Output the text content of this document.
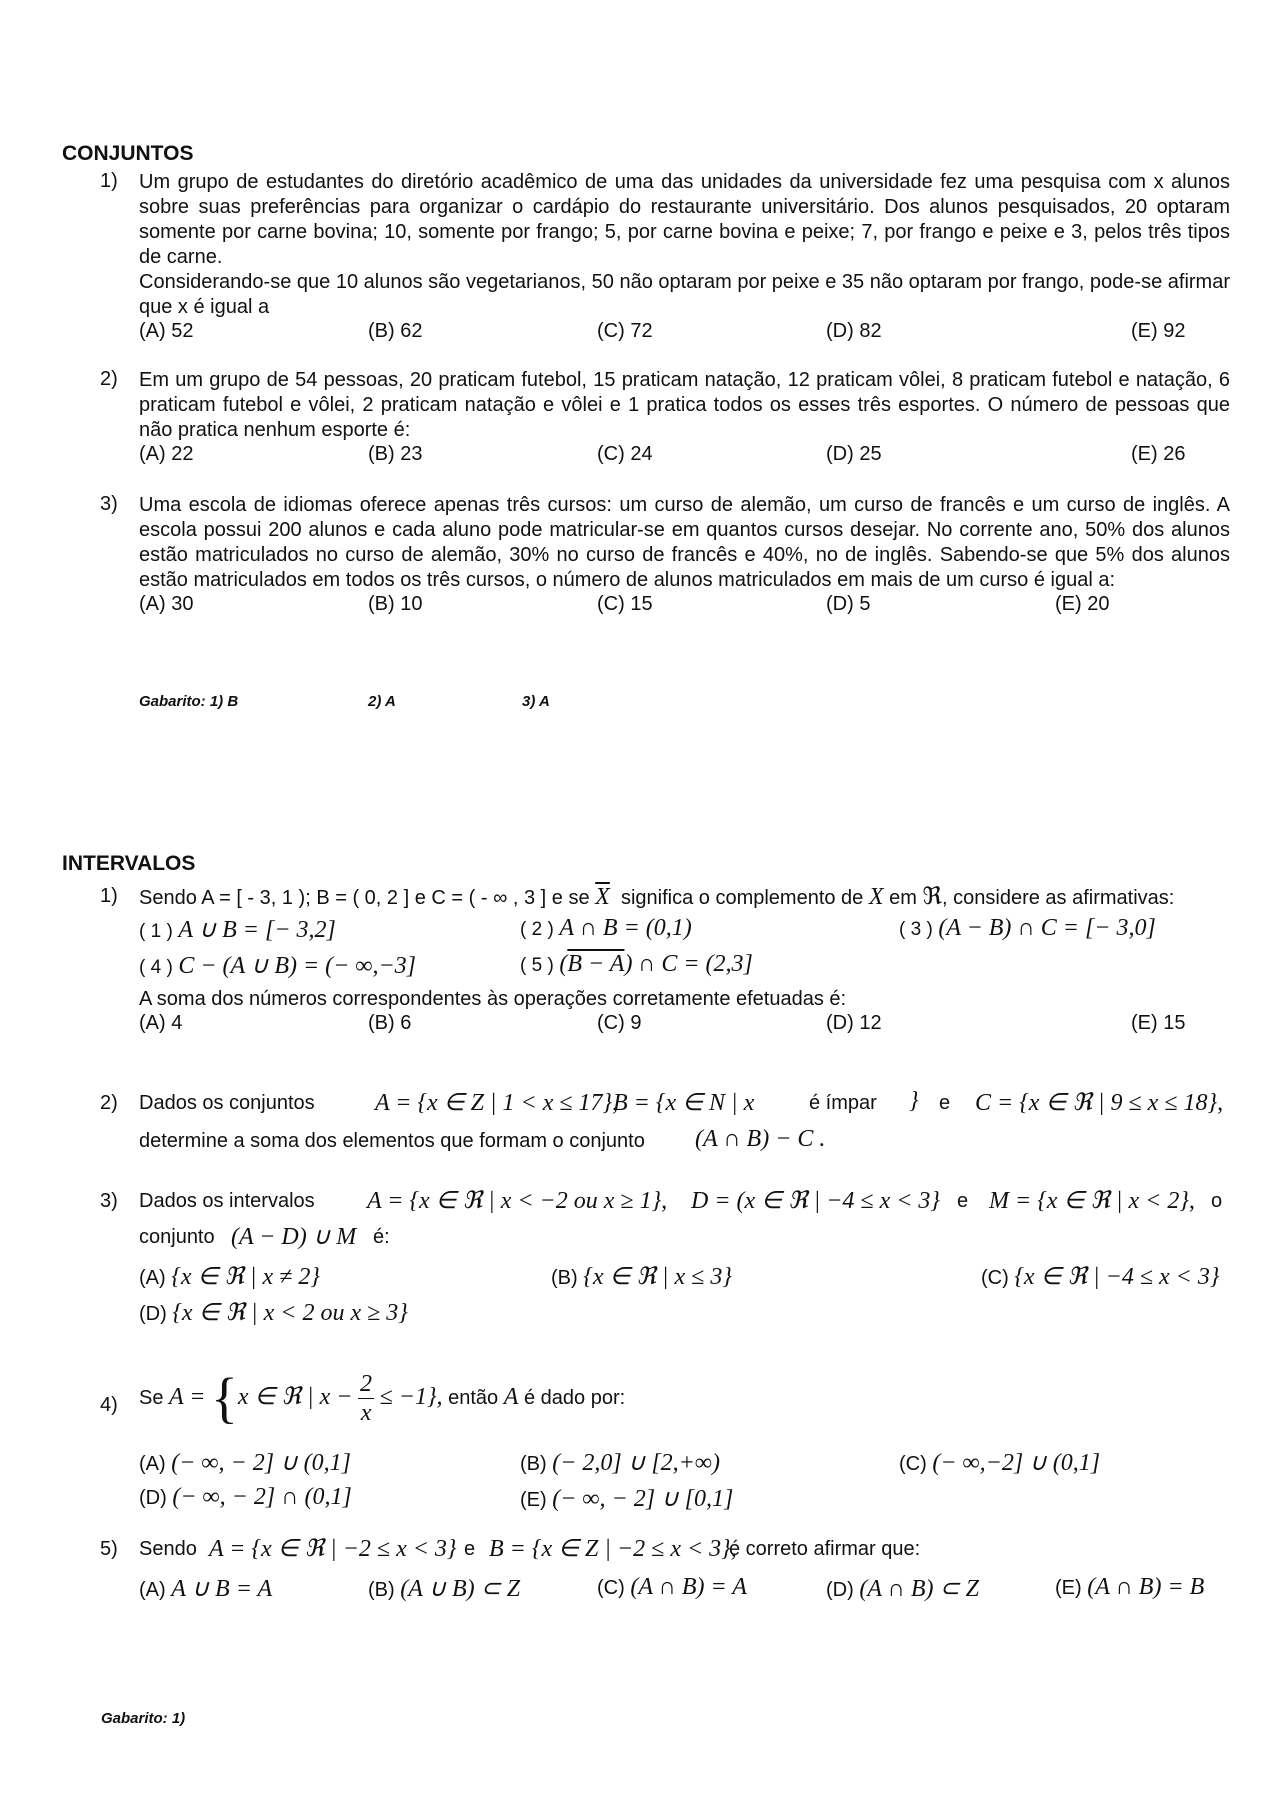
CONJUNTOS
1) Um grupo de estudantes do diretório acadêmico de uma das unidades da universidade fez uma pesquisa com x alunos sobre suas preferências para organizar o cardápio do restaurante universitário. Dos alunos pesquisados, 20 optaram somente por carne bovina; 10, somente por frango; 5, por carne bovina e peixe; 7, por frango e peixe e 3, pelos três tipos de carne.
Considerando-se que 10 alunos são vegetarianos, 50 não optaram por peixe e 35 não optaram por frango, pode-se afirmar que x é igual a
(A) 52	(B) 62	(C) 72	(D) 82	(E) 92
2) Em um grupo de 54 pessoas, 20 praticam futebol, 15 praticam natação, 12 praticam vôlei, 8 praticam futebol e natação, 6 praticam futebol e vôlei, 2 praticam natação e vôlei e 1 pratica todos os esses três esportes. O número de pessoas que não pratica nenhum esporte é:
(A) 22	(B) 23	(C) 24	(D) 25	(E) 26
3) Uma escola de idiomas oferece apenas três cursos: um curso de alemão, um curso de francês e um curso de inglês. A escola possui 200 alunos e cada aluno pode matricular-se em quantos cursos desejar. No corrente ano, 50% dos alunos estão matriculados no curso de alemão, 30% no curso de francês e 40%, no de inglês. Sabendo-se que 5% dos alunos estão matriculados em todos os três cursos, o número de alunos matriculados em mais de um curso é igual a:
(A) 30	(B) 10	(C) 15	(D) 5	(E) 20
Gabarito: 1) B	2) A	3) A
INTERVALOS
1) Sendo A = [ - 3, 1 ); B = ( 0, 2 ] e C = ( - ∞ , 3 ] e se $\overline{X}$ significa o complemento de X em ℜ, considere as afirmativas:
( 1 ) A ∪ B = [− 3,2]	( 2 ) A ∩ B = (0,1)	( 3 ) (A − B) ∩ C = [− 3,0]
( 4 ) C − (A ∪ B) = (− ∞,−3]	( 5 ) (B − A) ∩ C = (2,3]
A soma dos números correspondentes às operações corretamente efetuadas é:
(A) 4	(B) 6	(C) 9	(D) 12	(E) 15
2) Dados os conjuntos	A = {x ∈ Z | 1 < x ≤ 17},
B = {x ∈ N | x	é ímpar } e C = {x ∈ ℜ | 9 ≤ x ≤ 18},
determine a soma dos elementos que formam o conjunto (A ∩ B) − C .
3) Dados os intervalos A = {x ∈ ℜ | x < −2 ou x ≥ 1}, D = (x ∈ ℜ | −4 ≤ x < 3} e M = {x ∈ ℜ | x < 2}, o
conjunto (A − D) ∪ M é:
(A) {x ∈ ℜ | x ≠ 2}	(B) {x ∈ ℜ | x ≤ 3}	(C) {x ∈ ℜ | −4 ≤ x < 3}
(D) {x ∈ ℜ | x < 2 ou x ≥ 3}
4) Se A = {x ∈ ℜ | $x - \frac{2}{x} \le -1$}, então A é dado por:
(A) (− ∞, − 2] ∪ (0,1]	(B) (− 2,0] ∪ [2,+∞)	(C) (− ∞,−2] ∪ (0,1]
(D) (− ∞, − 2] ∩ (0,1]	(E) (− ∞, − 2] ∪ [0,1]
5) Sendo A = {x ∈ ℜ | −2 ≤ x < 3} e B = {x ∈ Z | −2 ≤ x < 3},
é correto afirmar que:
(A) A ∪ B = A	(B) (A ∪ B) ⊂ Z	(C) (A ∩ B) = A	(D) (A ∩ B) ⊂ Z	(E) (A ∩ B) = B
Gabarito: 1)
